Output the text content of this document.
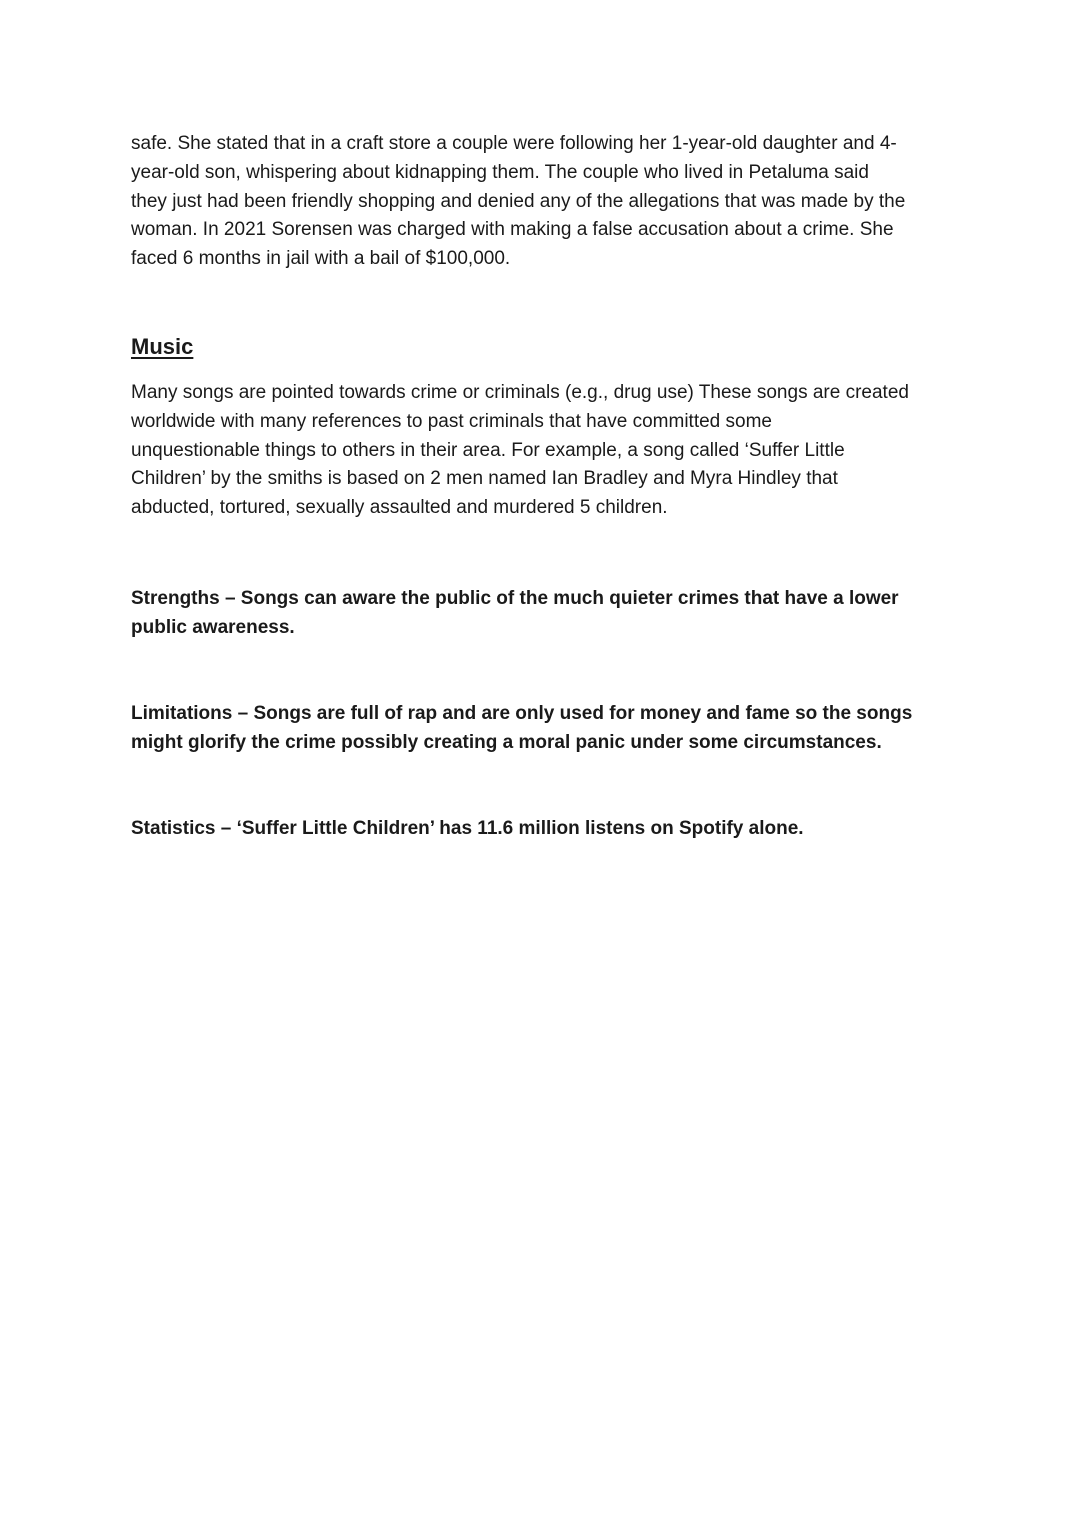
safe. She stated that in a craft store a couple were following her 1-year-old daughter and 4-
year-old son, whispering about kidnapping them. The couple who lived in Petaluma said
they just had been friendly shopping and denied any of the allegations that was made by the
woman. In 2021 Sorensen was charged with making a false accusation about a crime. She
faced 6 months in jail with a bail of $100,000.
Music
Many songs are pointed towards crime or criminals (e.g., drug use) These songs are created
worldwide with many references to past criminals that have committed some
unquestionable things to others in their area. For example, a song called ‘Suffer Little
Children’ by the smiths is based on 2 men named Ian Bradley and Myra Hindley that
abducted, tortured, sexually assaulted and murdered 5 children.
Strengths – Songs can aware the public of the much quieter crimes that have a lower
public awareness.
Limitations – Songs are full of rap and are only used for money and fame so the songs
might glorify the crime possibly creating a moral panic under some circumstances.
Statistics – ‘Suffer Little Children’ has 11.6 million listens on Spotify alone.
